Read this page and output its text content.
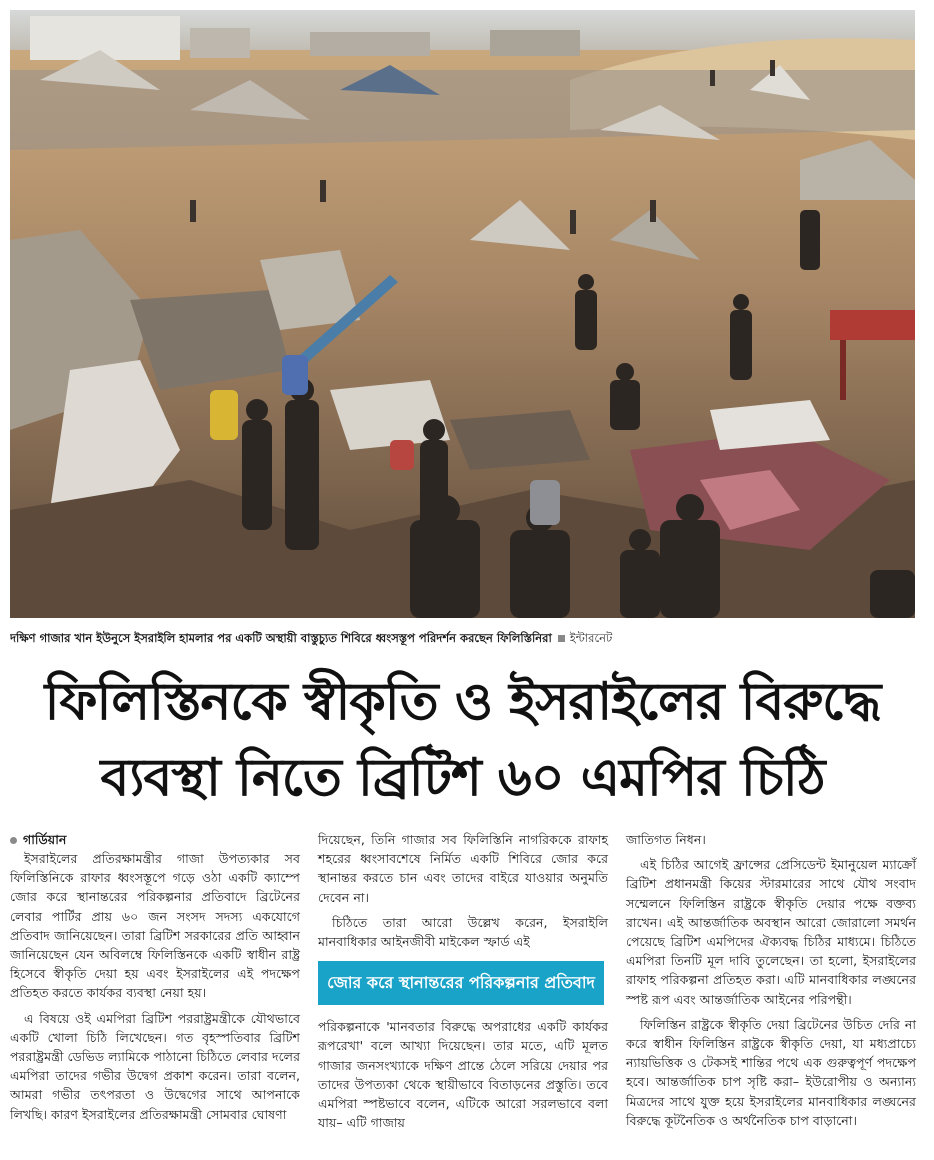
দক্ষিণ গাজার খান ইউনুসে ইসরাইলি হামলার পর একটি অস্থায়ী বাস্তুচ্যুত শিবিরে ধ্বংসস্তূপ পরিদর্শন করছেন ফিলিস্তিনিরা ইন্টারনেট
ফিলিস্তিনকে স্বীকৃতি ও ইসরাইলের বিরুদ্ধে
ব্যবস্থা নিতে ব্রিটিশ ৬০ এমপির চিঠি
গার্ডিয়ান

ইসরাইলের প্রতিরক্ষামন্ত্রীর গাজা উপত্যকার সব ফিলিস্তিনিকে রাফার ধ্বংসস্তূপে গড়ে ওঠা একটি ক্যাম্পে জোর করে স্থানান্তরের পরিকল্পনার প্রতিবাদে ব্রিটেনের লেবার পার্টির প্রায় ৬০ জন সংসদ সদস্য একযোগে প্রতিবাদ জানিয়েছেন। তারা ব্রিটিশ সরকারের প্রতি আহ্বান জানিয়েছেন যেন অবিলম্বে ফিলিস্তিনকে একটি স্বাধীন রাষ্ট্র হিসেবে স্বীকৃতি দেয়া হয় এবং ইসরাইলের এই পদক্ষেপ প্রতিহত করতে কার্যকর ব্যবস্থা নেয়া হয়।

এ বিষয়ে ওই এমপিরা ব্রিটিশ পররাষ্ট্রমন্ত্রীকে যৌথভাবে একটি খোলা চিঠি লিখেছেন। গত বৃহস্পতিবার ব্রিটিশ পররাষ্ট্রমন্ত্রী ডেভিড ল্যামিকে পাঠানো চিঠিতে লেবার দলের এমপিরা তাদের গভীর উদ্বেগ প্রকাশ করেন। তারা বলেন, আমরা গভীর তৎপরতা ও উদ্বেগের সাথে আপনাকে লিখছি। কারণ ইসরাইলের প্রতিরক্ষামন্ত্রী সোমবার ঘোষণা

দিয়েছেন, তিনি গাজার সব ফিলিস্তিনি নাগরিককে রাফাহ শহরের ধ্বংসাবশেষে নির্মিত একটি শিবিরে জোর করে স্থানান্তর করতে চান এবং তাদের বাইরে যাওয়ার অনুমতি দেবেন না।

চিঠিতে তারা আরো উল্লেখ করেন, ইসরাইলি মানবাধিকার আইনজীবী মাইকেল স্ফার্ড এই

জোর করে স্থানান্তরের পরিকল্পনার প্রতিবাদ

পরিকল্পনাকে 'মানবতার বিরুদ্ধে অপরাধের একটি কার্যকর রূপরেখা' বলে আখ্যা দিয়েছেন। তার মতে, এটি মূলত গাজার জনসংখ্যাকে দক্ষিণ প্রান্তে ঠেলে সরিয়ে দেয়ার পর তাদের উপত্যকা থেকে স্থায়ীভাবে বিতাড়নের প্রস্তুতি। তবে এমপিরা স্পষ্টভাবে বলেন, এটিকে আরো সরলভাবে বলা যায়– এটি গাজায়

জাতিগত নিধন।

এই চিঠির আগেই ফ্রান্সের প্রেসিডেন্ট ইমানুয়েল ম্যাক্রোঁ ব্রিটিশ প্রধানমন্ত্রী কিয়ের স্টারমারের সাথে যৌথ সংবাদ সম্মেলনে ফিলিস্তিন রাষ্ট্রকে স্বীকৃতি দেয়ার পক্ষে বক্তব্য রাখেন। এই আন্তর্জাতিক অবস্থান আরো জোরালো সমর্থন পেয়েছে ব্রিটিশ এমপিদের ঐক্যবদ্ধ চিঠির মাধ্যমে। চিঠিতে এমপিরা তিনটি মূল দাবি তুলেছেন। তা হলো, ইসরাইলের রাফাহ পরিকল্পনা প্রতিহত করা। এটি মানবাধিকার লঙ্ঘনের স্পষ্ট রূপ এবং আন্তর্জাতিক আইনের পরিপন্থী।

ফিলিস্তিন রাষ্ট্রকে স্বীকৃতি দেয়া ব্রিটেনের উচিত দেরি না করে স্বাধীন ফিলিস্তিন রাষ্ট্রকে স্বীকৃতি দেয়া, যা মধ্যপ্রাচ্যে ন্যায়ভিত্তিক ও টেকসই শান্তির পথে এক গুরুত্বপূর্ণ পদক্ষেপ হবে। আন্তর্জাতিক চাপ সৃষ্টি করা– ইউরোপীয় ও অন্যান্য মিত্রদের সাথে যুক্ত হয়ে ইসরাইলের মানবাধিকার লঙ্ঘনের বিরুদ্ধে কূটনৈতিক ও অর্থনৈতিক চাপ বাড়ানো।
